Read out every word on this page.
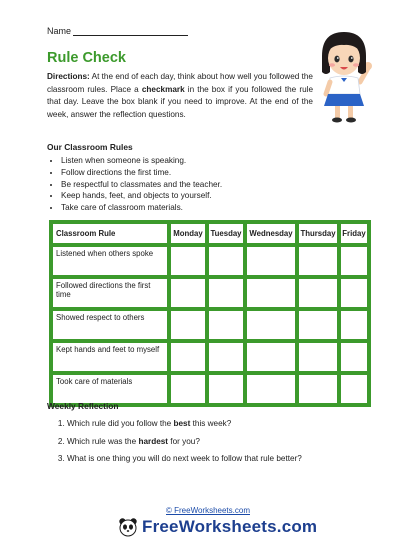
Name
Rule Check
Directions: At the end of each day, think about how well you followed the classroom rules. Place a checkmark in the box if you followed the rule that day. Leave the box blank if you need to improve. At the end of the week, answer the reflection questions.
Our Classroom Rules
• Listen when someone is speaking.
• Follow directions the first time.
• Be respectful to classmates and the teacher.
• Keep hands, feet, and objects to yourself.
• Take care of classroom materials.
Classroom Rule	Monday	Tuesday	Wednesday	Thursday	Friday
Listened when others spoke					
Followed directions the first time					
Showed respect to others					
Kept hands and feet to myself					
Took care of materials					
Weekly Reflection
1. Which rule did you follow the best this week?
2. Which rule was the hardest for you?
3. What is one thing you will do next week to follow that rule better?
© FreeWorksheets.com
FreeWorksheets.com
